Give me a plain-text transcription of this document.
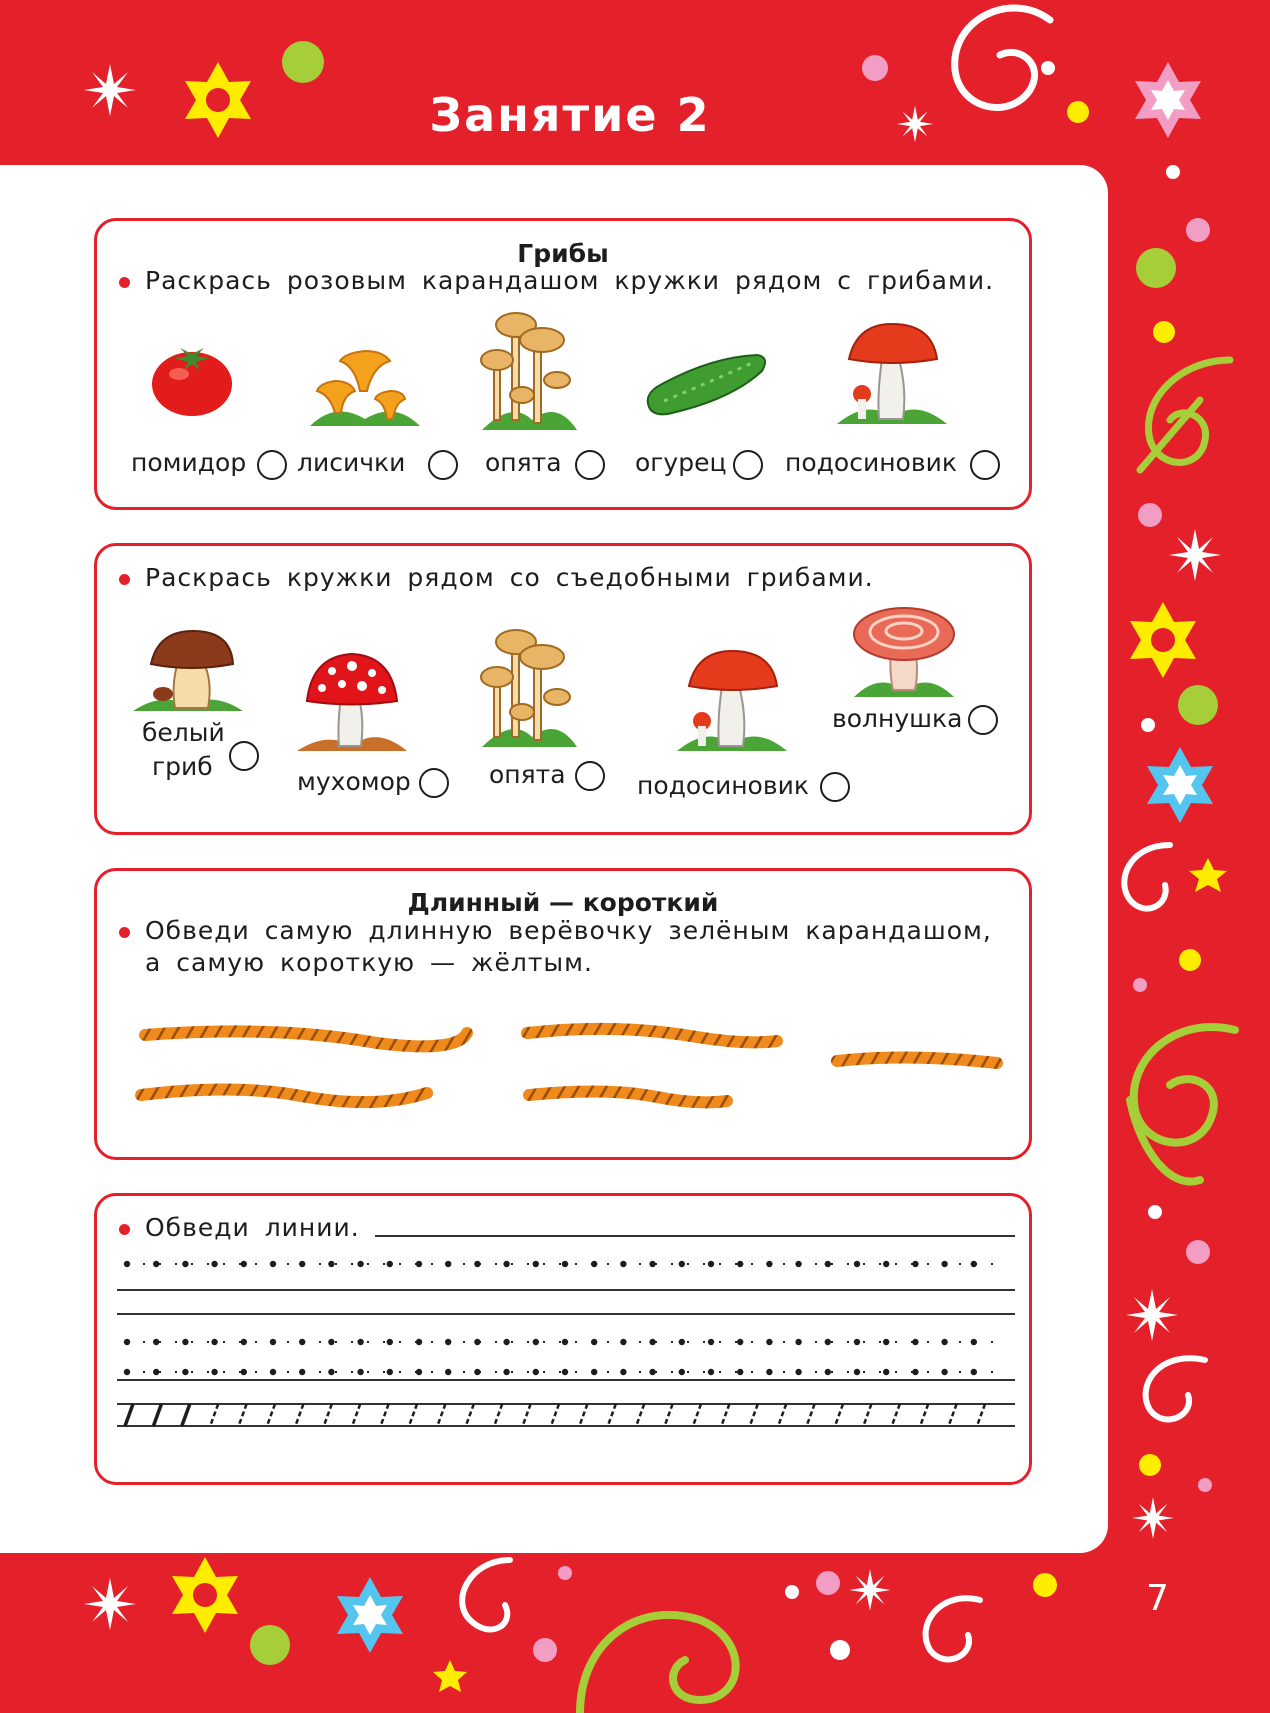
Занятие 2
7
Грибы
Раскрась розовым карандашом кружки рядом с грибами.
помидор лисички	опята	огурец подосиновик
Раскрась кружки рядом со съедобными грибами.
белый
гриб
мухомор	опята	подосиновик
волнушка
Длинный — короткий
Обведи самую длинную верёвочку зелёным карандашом,
а самую короткую — жёлтым.
Обведи линии.
